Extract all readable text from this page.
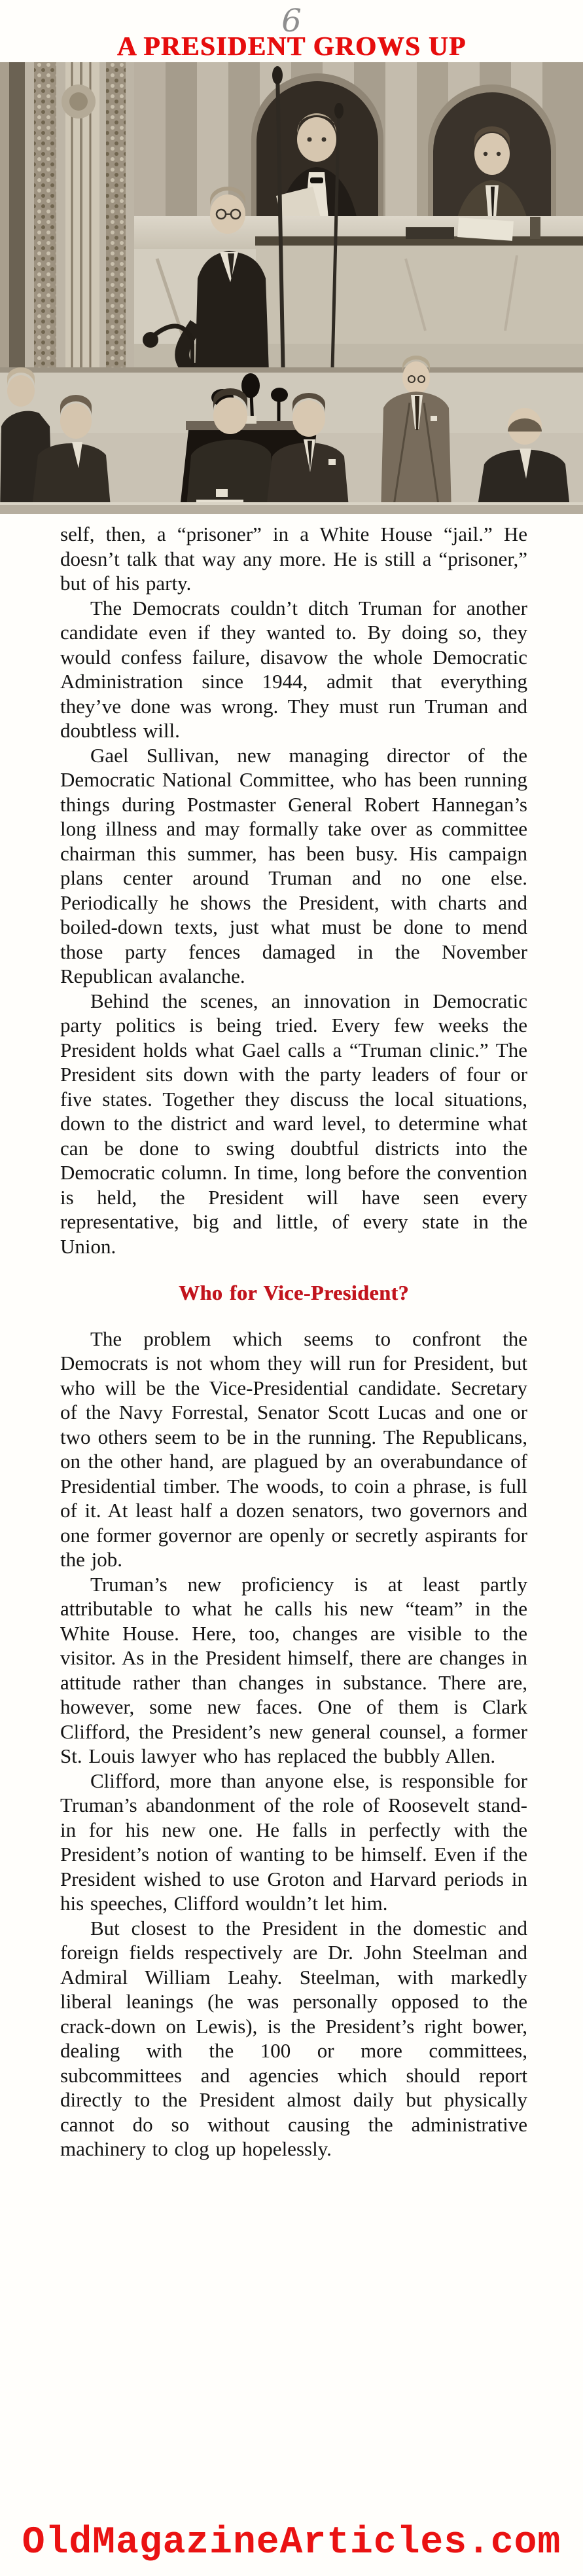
6
A PRESIDENT GROWS UP

self, then, a “prisoner” in a White House “jail.” He doesn’t talk that way any more. He is still a “prisoner,” but of his party.

The Democrats couldn’t ditch Truman for another candidate even if they wanted to. By doing so, they would confess failure, disavow the whole Democratic Administration since 1944, admit that everything they’ve done was wrong. They must run Truman and doubtless will.

Gael Sullivan, new managing director of the Democratic National Committee, who has been running things during Postmaster General Robert Hannegan’s long illness and may formally take over as committee chairman this summer, has been busy. His campaign plans center around Truman and no one else. Periodically he shows the President, with charts and boiled-down texts, just what must be done to mend those party fences damaged in the November Republican avalanche.

Behind the scenes, an innovation in Democratic party politics is being tried. Every few weeks the President holds what Gael calls a “Truman clinic.” The President sits down with the party leaders of four or five states. Together they discuss the local situations, down to the district and ward level, to determine what can be done to swing doubtful districts into the Democratic column. In time, long before the convention is held, the President will have seen every representative, big and little, of every state in the Union.

Who for Vice-President?

The problem which seems to confront the Democrats is not whom they will run for President, but who will be the Vice-Presidential candidate. Secretary of the Navy Forrestal, Senator Scott Lucas and one or two others seem to be in the running. The Republicans, on the other hand, are plagued by an overabundance of Presidential timber. The woods, to coin a phrase, is full of it. At least half a dozen senators, two governors and one former governor are openly or secretly aspirants for the job.

Truman’s new proficiency is at least partly attributable to what he calls his new “team” in the White House. Here, too, changes are visible to the visitor. As in the President himself, there are changes in attitude rather than changes in substance. There are, however, some new faces. One of them is Clark Clifford, the President’s new general counsel, a former St. Louis lawyer who has replaced the bubbly Allen.

Clifford, more than anyone else, is responsible for Truman’s abandonment of the role of Roosevelt stand-in for his new one. He falls in perfectly with the President’s notion of wanting to be himself. Even if the President wished to use Groton and Harvard periods in his speeches, Clifford wouldn’t let him.

But closest to the President in the domestic and foreign fields respectively are Dr. John Steelman and Admiral William Leahy. Steelman, with markedly liberal leanings (he was personally opposed to the crack-down on Lewis), is the President’s right bower, dealing with the 100 or more committees, subcommittees and agencies which should report directly to the President almost daily but physically cannot do so without causing the administrative machinery to clog up hopelessly.

OldMagazineArticles.com
